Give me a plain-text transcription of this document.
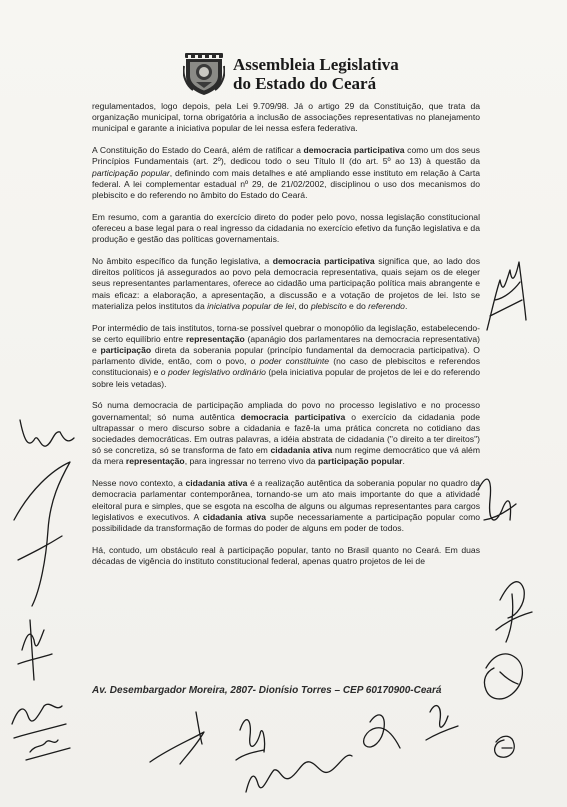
Assembleia Legislativa
do Estado do Ceará

regulamentados, logo depois, pela Lei 9.709/98. Já o artigo 29 da Constituição, que trata da organização municipal, torna obrigatória a inclusão de associações representativas no planejamento municipal e garante a iniciativa popular de lei nessa esfera federativa.

A Constituição do Estado do Ceará, além de ratificar a democracia participativa como um dos seus Princípios Fundamentais (art. 2º), dedicou todo o seu Título II (do art. 5º ao 13) à questão da participação popular, definindo com mais detalhes e até ampliando esse instituto em relação à Carta federal. A lei complementar estadual nº 29, de 21/02/2002, disciplinou o uso dos mecanismos do plebiscito e do referendo no âmbito do Estado do Ceará.

Em resumo, com a garantia do exercício direto do poder pelo povo, nossa legislação constitucional ofereceu a base legal para o real ingresso da cidadania no exercício efetivo da função legislativa e da produção e gestão das políticas governamentais.

No âmbito específico da função legislativa, a democracia participativa significa que, ao lado dos direitos políticos já assegurados ao povo pela democracia representativa, quais sejam os de eleger seus representantes parlamentares, oferece ao cidadão uma participação política mais abrangente e mais eficaz: a elaboração, a apresentação, a discussão e a votação de projetos de lei. Isto se materializa pelos institutos da iniciativa popular de lei, do plebiscito e do referendo.

Por intermédio de tais institutos, torna-se possível quebrar o monopólio da legislação, estabelecendo-se certo equilíbrio entre representação (apanágio dos parlamentares na democracia representativa) e participação direta da soberania popular (princípio fundamental da democracia participativa). O parlamento divide, então, com o povo, o poder constituinte (no caso de plebiscitos e referendos constitucionais) e o poder legislativo ordinário (pela iniciativa popular de projetos de lei e do referendo sobre leis vetadas).

Só numa democracia de participação ampliada do povo no processo legislativo e no processo governamental; só numa autêntica democracia participativa o exercício da cidadania pode ultrapassar o mero discurso sobre a cidadania e fazê-la uma prática concreta no cotidiano das sociedades democráticas. Em outras palavras, a idéia abstrata de cidadania ("o direito a ter direitos") só se concretiza, só se transforma de fato em cidadania ativa num regime democrático que vá além da mera representação, para ingressar no terreno vivo da participação popular.

Nesse novo contexto, a cidadania ativa é a realização autêntica da soberania popular no quadro da democracia parlamentar contemporânea, tornando-se um ato mais importante do que a atividade eleitoral pura e simples, que se esgota na escolha de alguns ou algumas representantes para cargos legislativos e executivos. A cidadania ativa supõe necessariamente a participação popular como possibilidade da transformação de formas do poder de alguns em poder de todos.

Há, contudo, um obstáculo real à participação popular, tanto no Brasil quanto no Ceará. Em duas décadas de vigência do instituto constitucional federal, apenas quatro projetos de lei de

Av. Desembargador Moreira, 2807- Dionísio Torres – CEP 60170900-Ceará
